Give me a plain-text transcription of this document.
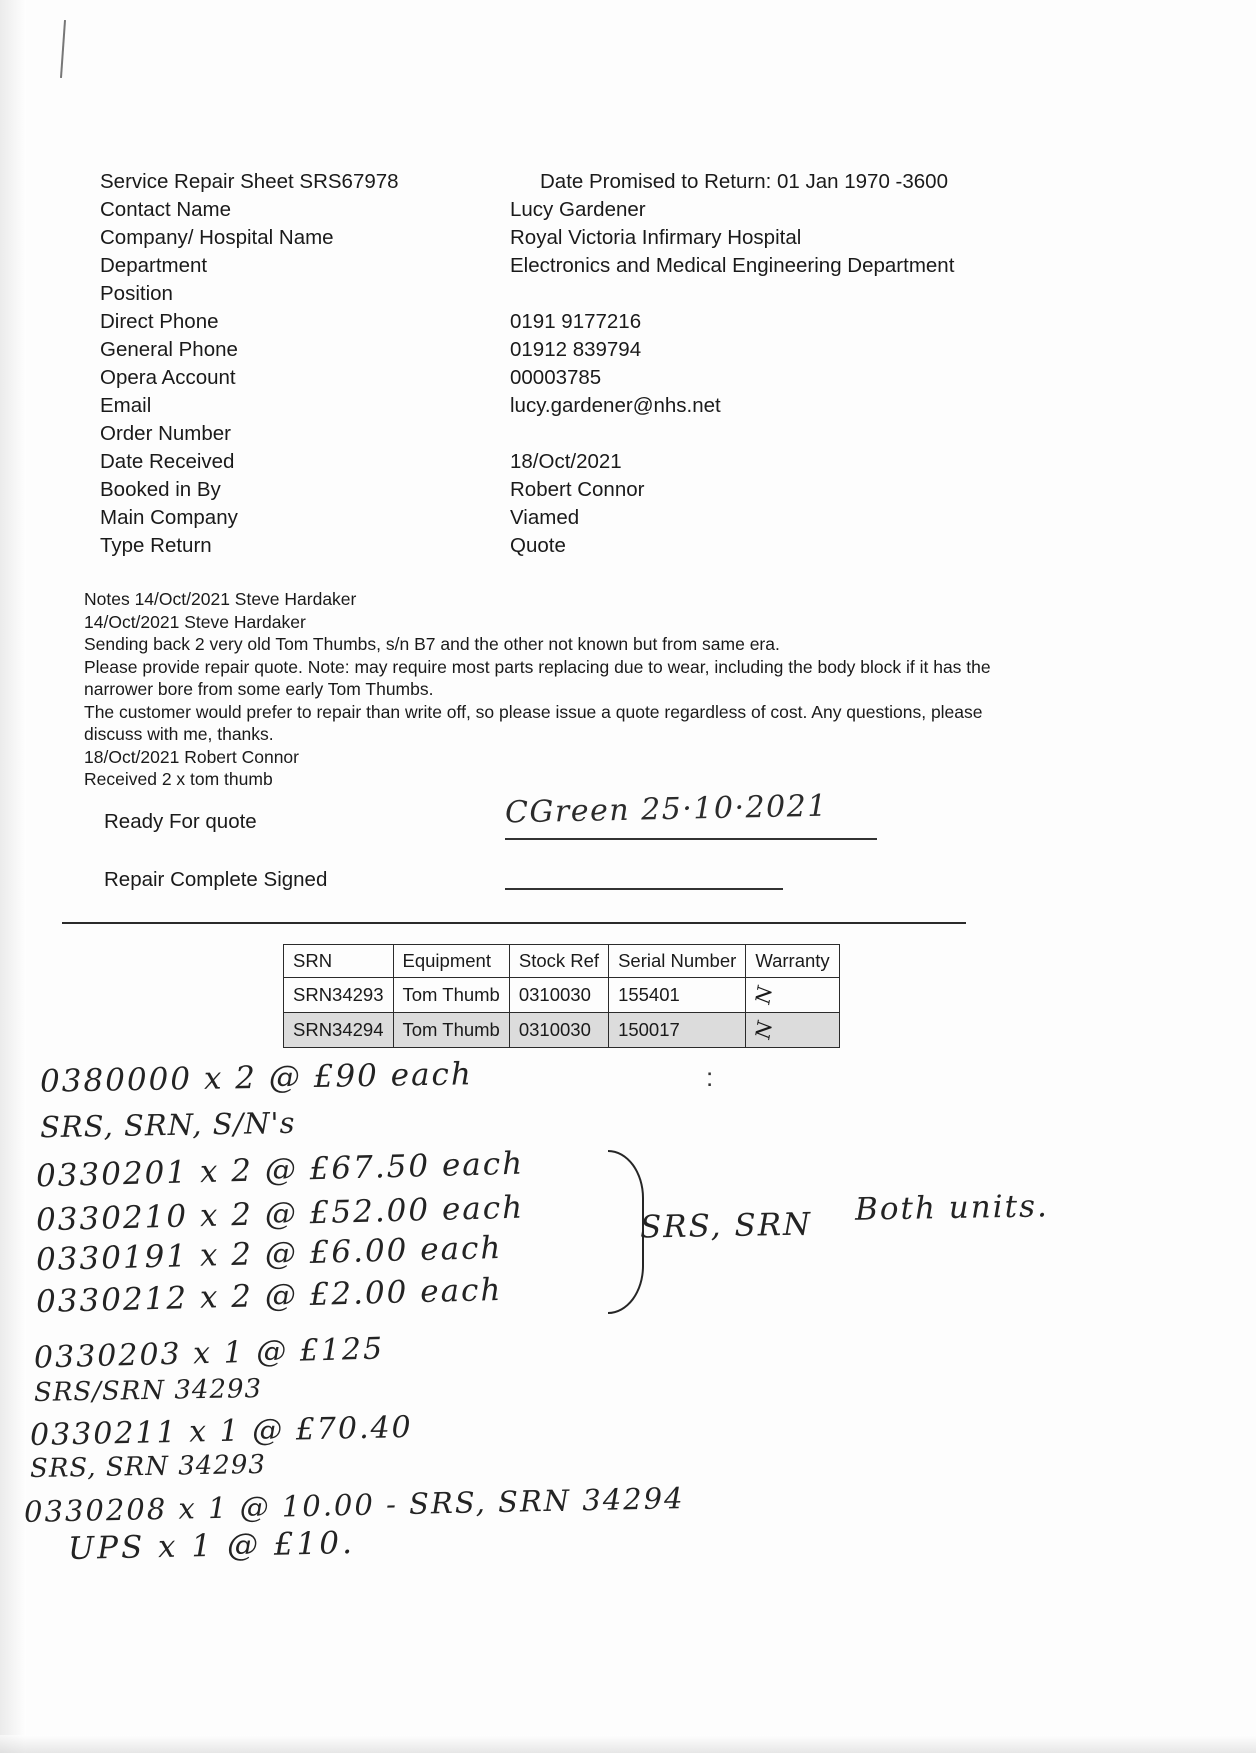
Service Repair Sheet SRS67978	Date Promised to Return: 01 Jan 1970 -3600
Contact Name	Lucy Gardener
Company/ Hospital Name	Royal Victoria Infirmary Hospital
Department	Electronics and Medical Engineering Department
Position
Direct Phone	0191 9177216
General Phone	01912 839794
Opera Account	00003785
Email	lucy.gardener@nhs.net
Order Number
Date Received	18/Oct/2021
Booked in By	Robert Connor
Main Company	Viamed
Type Return	Quote

Notes 14/Oct/2021 Steve Hardaker

14/Oct/2021 Steve Hardaker

Sending back 2 very old Tom Thumbs, s/n B7 and the other not known but from same era.

Please provide repair quote. Note: may require most parts replacing due to wear, including the body block if it has the

narrower bore from some early Tom Thumbs.

The customer would prefer to repair than write off, so please issue a quote regardless of cost. Any questions, please

discuss with me, thanks.

18/Oct/2021 Robert Connor

Received 2 x tom thumb

Ready For quote	CGreen 25·10·2021
Repair Complete Signed
SRN	Equipment	Stock Ref	Serial Number	Warranty
SRN34293	Tom Thumb	0310030	155401	N
SRN34294	Tom Thumb	0310030	150017	N
:
0380000 x 2 @ £90 each
SRS, SRN, S/N's
0330201 x 2 @ £67.50 each
0330210 x 2 @ £52.00 each
0330191 x 2 @ £6.00 each
0330212 x 2 @ £2.00 each
SRS, SRN Both units.
0330203 x 1 @ £125
SRS/SRN 34293
0330211 x 1 @ £70.40
SRS, SRN 34293
0330208 x 1 @ 10.00 - SRS, SRN 34294
UPS x 1 @ £10.
